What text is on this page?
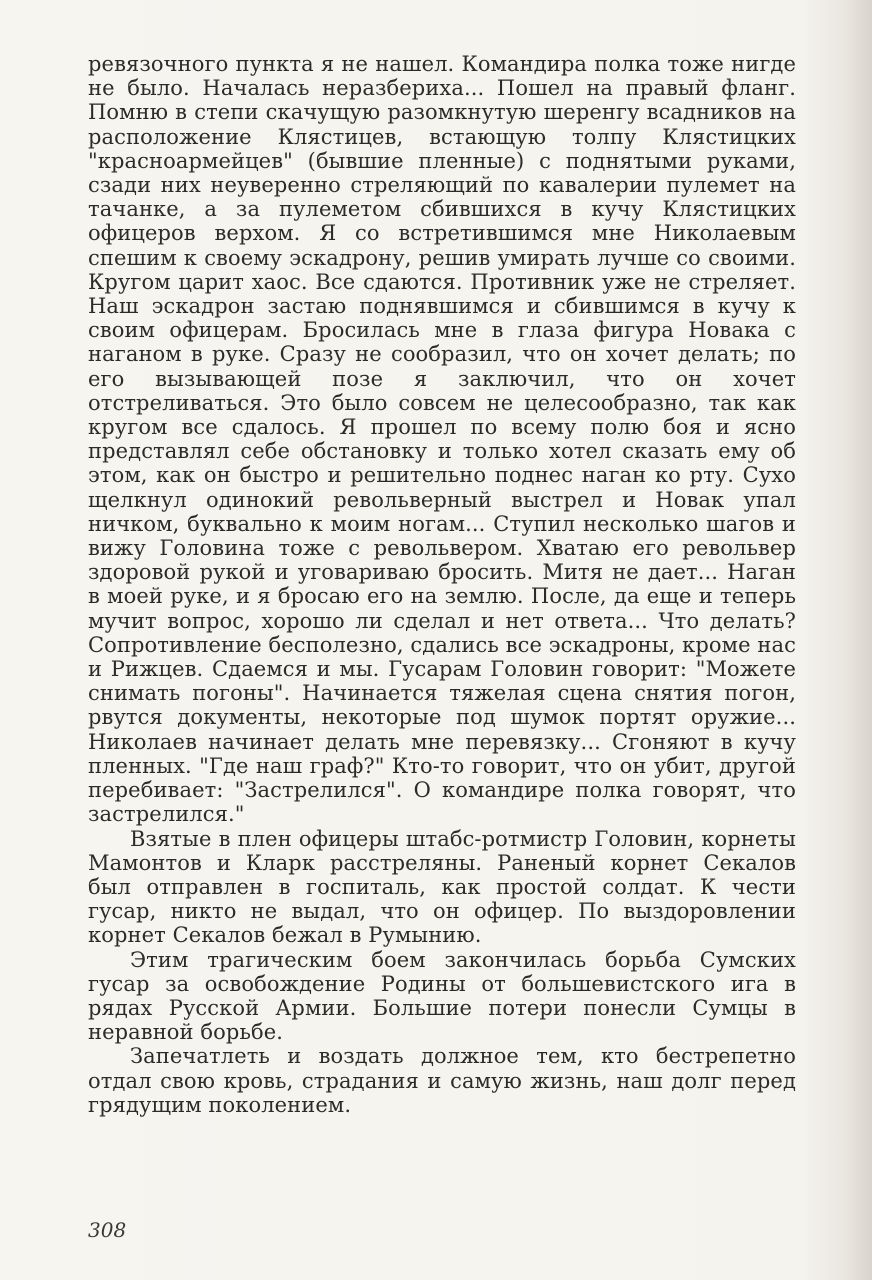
ревязочного пункта я не нашел. Командира полка тоже нигде не было. Началась неразбериха... Пошел на правый фланг. Помню в степи скачущую разомкнутую шеренгу всадников на расположение Клястицев, встающую толпу Клястицких "красноармейцев" (бывшие пленные) с поднятыми руками, сзади них неуверенно стреляющий по кавалерии пулемет на тачанке, а за пулеметом сбившихся в кучу Клястицких офицеров верхом. Я со встретившимся мне Николаевым спешим к своему эскадрону, решив умирать лучше со своими. Кругом царит хаос. Все сдаются. Противник уже не стреляет. Наш эскадрон застаю поднявшимся и сбившимся в кучу к своим офицерам. Бросилась мне в глаза фигура Новака с наганом в руке. Сразу не сообразил, что он хочет делать; по его вызывающей позе я заключил, что он хочет отстреливаться. Это было совсем не целесообразно, так как кругом все сдалось. Я прошел по всему полю боя и ясно представлял себе обстановку и только хотел сказать ему об этом, как он быстро и решительно поднес наган ко рту. Сухо щелкнул одинокий револьверный выстрел и Новак упал ничком, буквально к моим ногам... Ступил несколько шагов и вижу Головина тоже с револьвером. Хватаю его револьвер здоровой рукой и уговариваю бросить. Митя не дает... Наган в моей руке, и я бросаю его на землю. После, да еще и теперь мучит вопрос, хорошо ли сделал и нет ответа... Что делать? Сопротивление бесполезно, сдались все эскадроны, кроме нас и Рижцев. Сдаемся и мы. Гусарам Головин говорит: "Можете снимать погоны". Начинается тяжелая сцена снятия погон, рвутся документы, некоторые под шумок портят оружие... Николаев начинает делать мне перевязку... Сгоняют в кучу пленных. "Где наш граф?" Кто-то говорит, что он убит, другой перебивает: "Застрелился". О командире полка говорят, что застрелился."

Взятые в плен офицеры штабс-ротмистр Головин, корнеты Мамонтов и Кларк расстреляны. Раненый корнет Секалов был отправлен в госпиталь, как простой солдат. К чести гусар, никто не выдал, что он офицер. По выздоровлении корнет Секалов бежал в Румынию.

Этим трагическим боем закончилась борьба Сумских гусар за освобождение Родины от большевистского ига в рядах Русской Армии. Большие потери понесли Сумцы в неравной борьбе.

Запечатлеть и воздать должное тем, кто бестрепетно отдал свою кровь, страдания и самую жизнь, наш долг перед грядущим поколением.

308
